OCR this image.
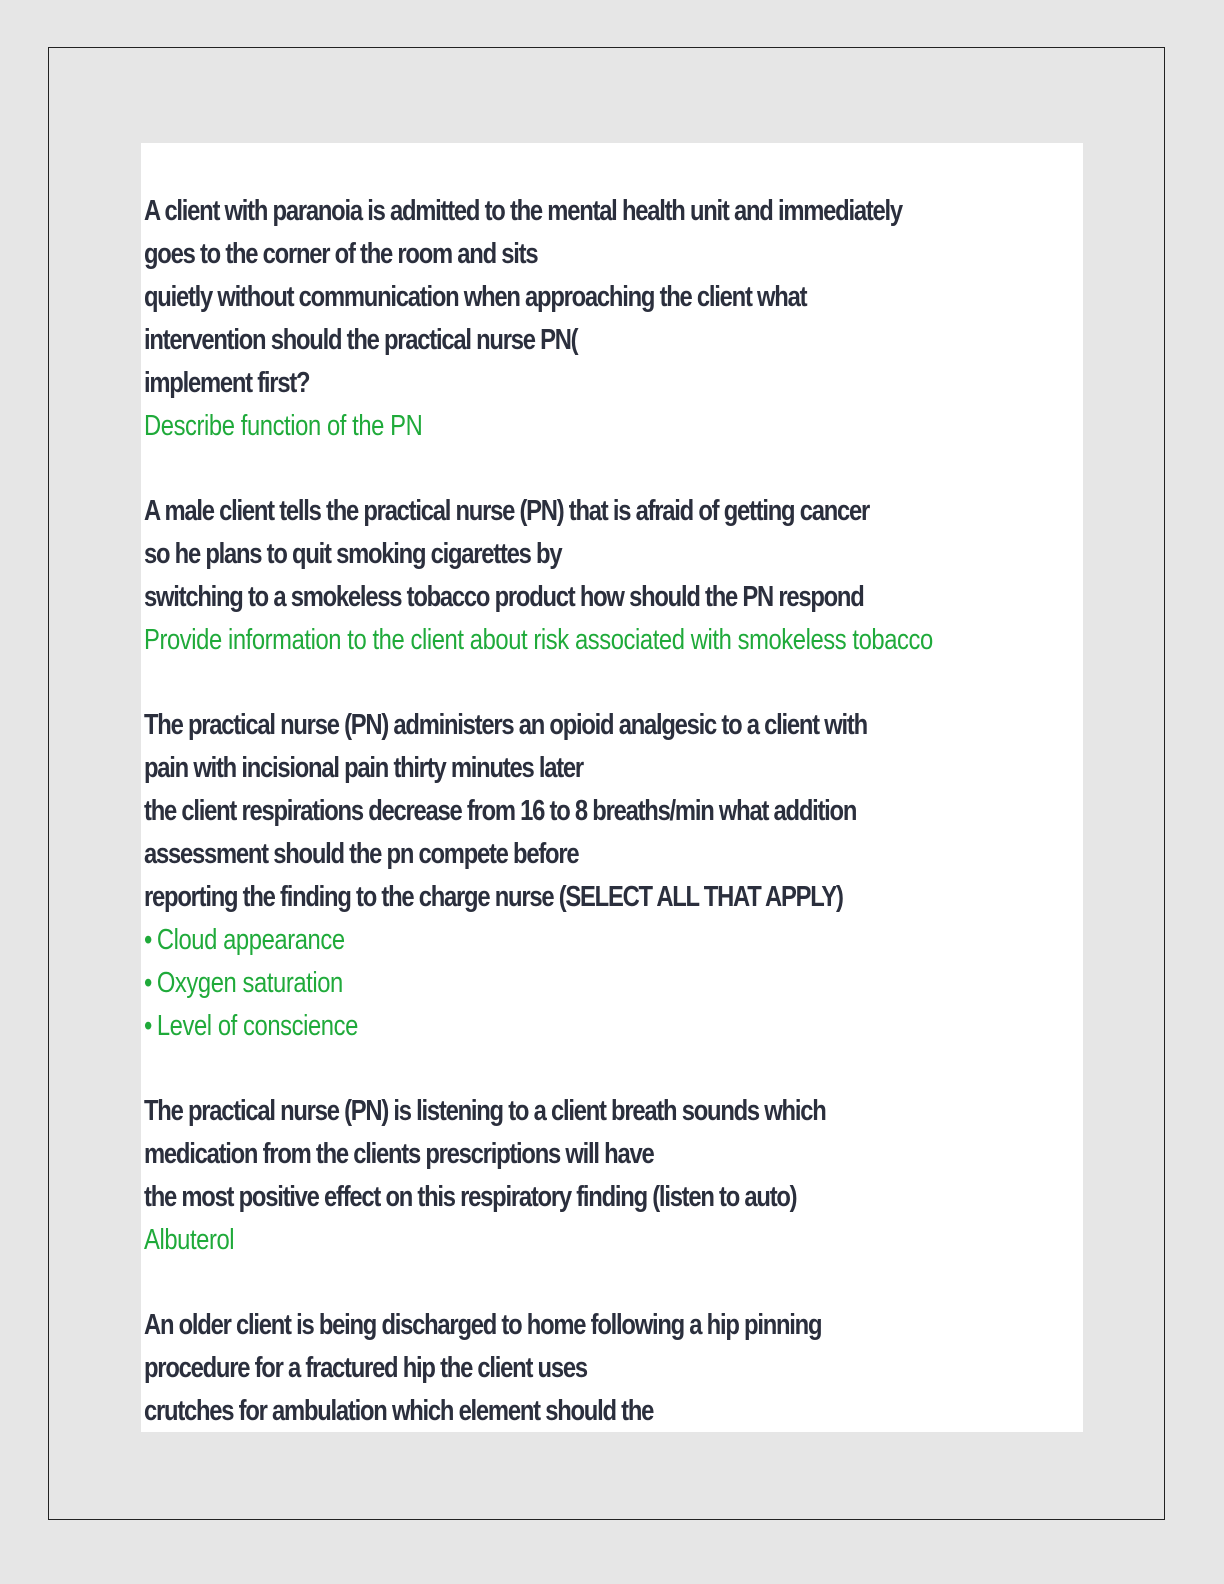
A client with paranoia is admitted to the mental health unit and immediately
goes to the corner of the room and sits
quietly without communication when approaching the client what
intervention should the practical nurse PN(
implement first?
Describe function of the PN
A male client tells the practical nurse (PN) that is afraid of getting cancer
so he plans to quit smoking cigarettes by
switching to a smokeless tobacco product how should the PN respond
Provide information to the client about risk associated with smokeless tobacco
The practical nurse (PN) administers an opioid analgesic to a client with
pain with incisional pain thirty minutes later
the client respirations decrease from 16 to 8 breaths/min what addition
assessment should the pn compete before
reporting the finding to the charge nurse (SELECT ALL THAT APPLY)
• Cloud appearance
• Oxygen saturation
• Level of conscience
The practical nurse (PN) is listening to a client breath sounds which
medication from the clients prescriptions will have
the most positive effect on this respiratory finding (listen to auto)
Albuterol
An older client is being discharged to home following a hip pinning
procedure for a fractured hip the client uses
crutches for ambulation which element should the
